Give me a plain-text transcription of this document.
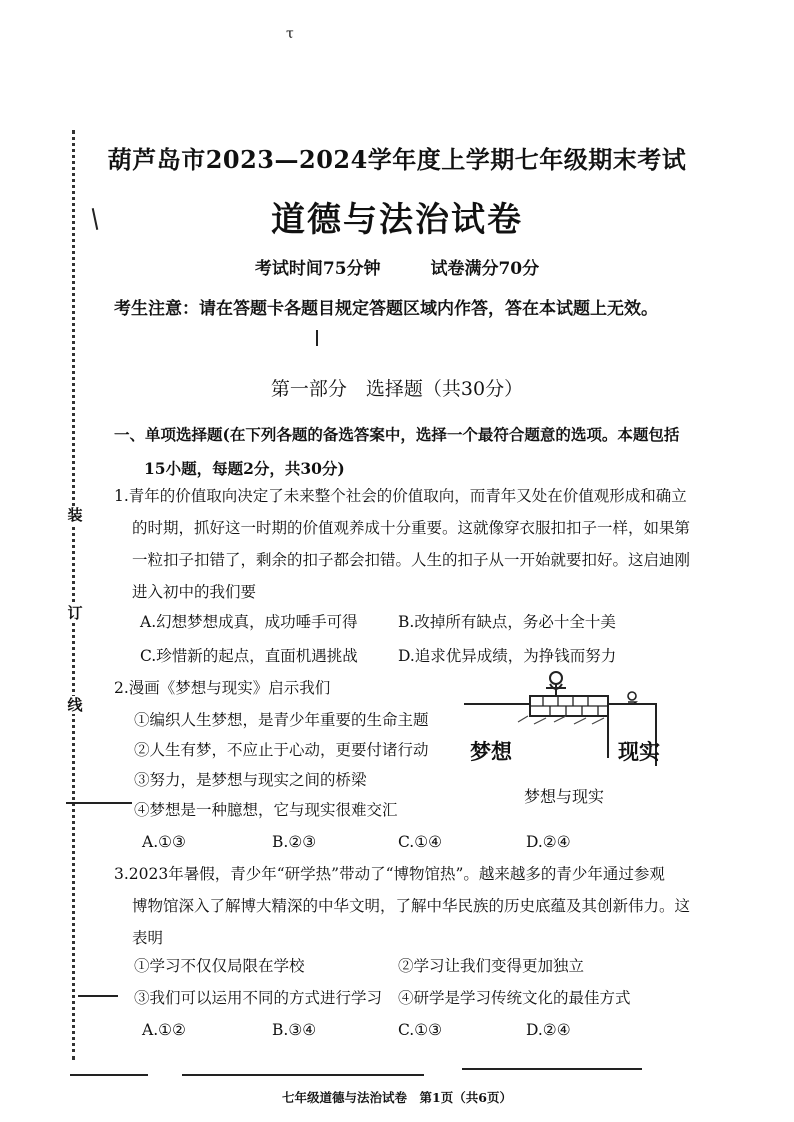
τ
装
订
线
葫芦岛市2023—2024学年度上学期七年级期末考试
道德与法治试卷
考试时间75分钟	试卷满分70分
考生注意：请在答题卡各题目规定答题区域内作答，答在本试题上无效。
第一部分　选择题（共30分）
一、单项选择题(在下列各题的备选答案中，选择一个最符合题意的选项。本题包括
15小题，每题2分，共30分)
1.青年的价值取向决定了未来整个社会的价值取向，而青年又处在价值观形成和确立
的时期，抓好这一时期的价值观养成十分重要。这就像穿衣服扣扣子一样，如果第
一粒扣子扣错了，剩余的扣子都会扣错。人生的扣子从一开始就要扣好。这启迪刚
进入初中的我们要
A.幻想梦想成真，成功唾手可得	B.改掉所有缺点，务必十全十美
C.珍惜新的起点，直面机遇挑战	D.追求优异成绩，为挣钱而努力
2.漫画《梦想与现实》启示我们
①编织人生梦想，是青少年重要的生命主题
②人生有梦，不应止于心动，更要付诸行动
③努力，是梦想与现实之间的桥梁
④梦想是一种臆想，它与现实很难交汇
A.①③	B.②③	C.①④	D.②④
梦想	现实
梦想与现实
3.2023年暑假，青少年“研学热”带动了“博物馆热”。越来越多的青少年通过参观
博物馆深入了解博大精深的中华文明，了解中华民族的历史底蕴及其创新伟力。这
表明
①学习不仅仅局限在学校	②学习让我们变得更加独立
③我们可以运用不同的方式进行学习 ④研学是学习传统文化的最佳方式
A.①②	B.③④	C.①③	D.②④
七年级道德与法治试卷　第1页（共6页）
